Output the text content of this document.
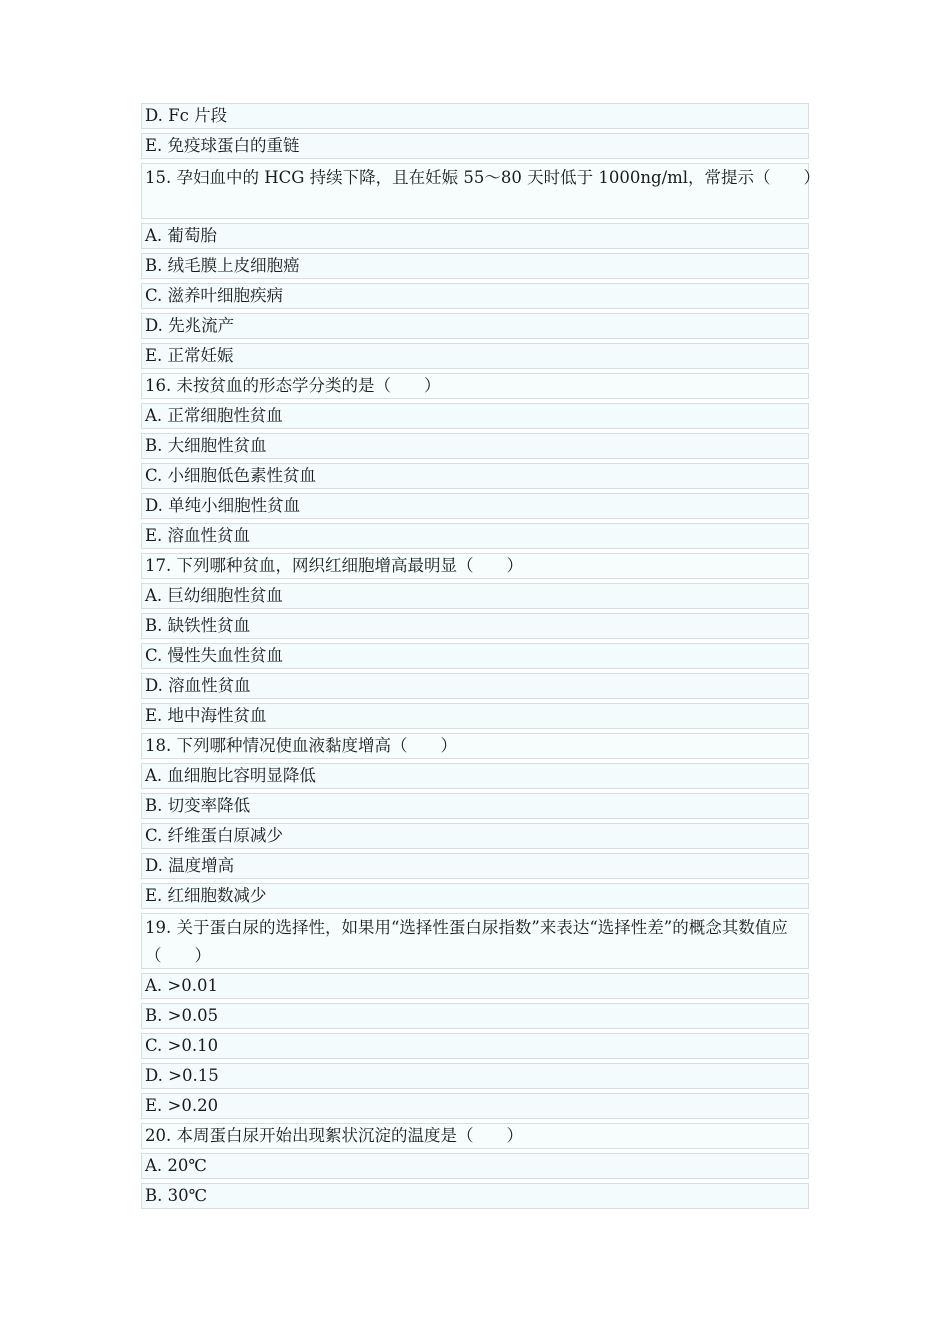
D. Fc 片段
E. 免疫球蛋白的重链
15. 孕妇血中的 HCG 持续下降，且在妊娠 55～80 天时低于 1000ng/ml，常提示（　　）
A. 葡萄胎
B. 绒毛膜上皮细胞癌
C. 滋养叶细胞疾病
D. 先兆流产
E. 正常妊娠
16. 未按贫血的形态学分类的是（　　）
A. 正常细胞性贫血
B. 大细胞性贫血
C. 小细胞低色素性贫血
D. 单纯小细胞性贫血
E. 溶血性贫血
17. 下列哪种贫血，网织红细胞增高最明显（　　）
A. 巨幼细胞性贫血
B. 缺铁性贫血
C. 慢性失血性贫血
D. 溶血性贫血
E. 地中海性贫血
18. 下列哪种情况使血液黏度增高（　　）
A. 血细胞比容明显降低
B. 切变率降低
C. 纤维蛋白原减少
D. 温度增高
E. 红细胞数减少
19. 关于蛋白尿的选择性，如果用“选择性蛋白尿指数”来表达“选择性差”的概念其数值应（　　）
A. >0.01
B. >0.05
C. >0.10
D. >0.15
E. >0.20
20. 本周蛋白尿开始出现絮状沉淀的温度是（　　）
A. 20℃
B. 30℃
